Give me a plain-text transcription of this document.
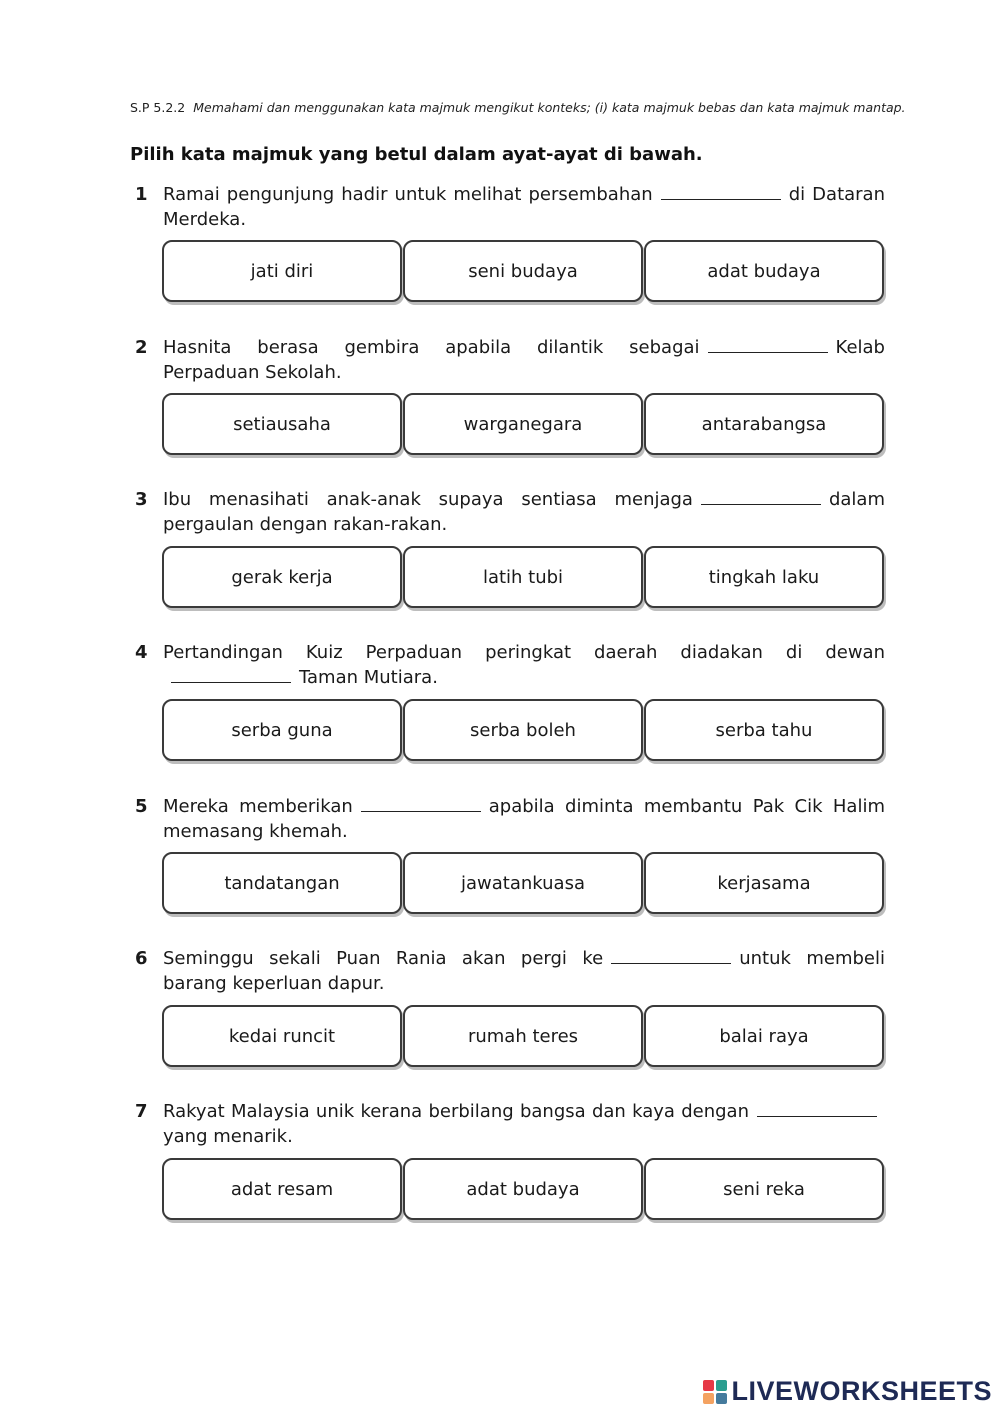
S.P 5.2.2 Memahami dan menggunakan kata majmuk mengikut konteks; (i) kata majmuk bebas dan kata majmuk mantap.
Pilih kata majmuk yang betul dalam ayat-ayat di bawah.
1 Ramai pengunjung hadir untuk melihat persembahan	di Dataran Merdeka.
jati diri	seni budaya	adat budaya
2 Hasnita berasa gembira apabila dilantik sebagai	Kelab Perpaduan Sekolah.
setiausaha	warganegara	antarabangsa
3 Ibu menasihati anak-anak supaya sentiasa menjaga	dalam pergaulan dengan rakan-rakan.
gerak kerja	latih tubi	tingkah laku
4 Pertandingan Kuiz Perpaduan peringkat daerah diadakan di dewanTaman Mutiara.
serba guna	serba boleh	serba tahu
5 Mereka memberikan	apabila diminta membantu Pak Cik Halim memasang khemah.
tandatangan	jawatankuasa	kerjasama
6 Seminggu sekali Puan Rania akan pergi ke	untuk membeli barang keperluan dapur.
kedai runcit	rumah teres	balai raya
7 Rakyat Malaysia unik kerana berbilang bangsa dan kaya denganyang menarik.
adat resam	adat budaya	seni reka
LIVEWORKSHEETS
